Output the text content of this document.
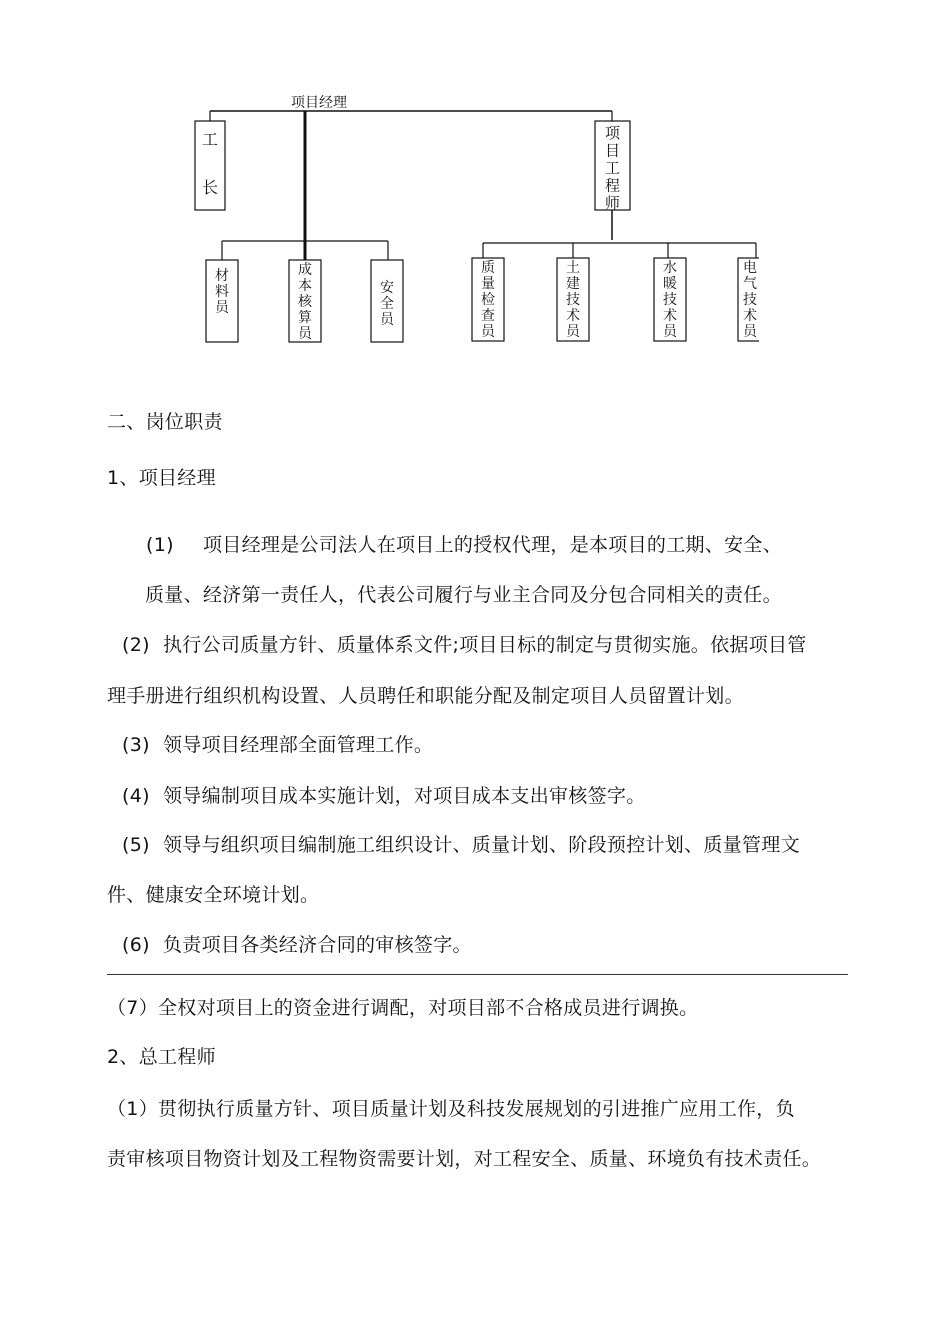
项目经理
工
长
项目工程师
材料员
成本核算员
安全员
质量检查员
土建技术员
水暖技术员
电气技术员
二、岗位职责
1、项目经理
(1) 项目经理是公司法人在项目上的授权代理，是本项目的工期、安全、
质量、经济第一责任人，代表公司履行与业主合同及分包合同相关的责任。
(2) 执行公司质量方针、质量体系文件;项目目标的制定与贯彻实施。依据项目管
理手册进行组织机构设置、人员聘任和职能分配及制定项目人员留置计划。
(3) 领导项目经理部全面管理工作。
(4) 领导编制项目成本实施计划，对项目成本支出审核签字。
(5) 领导与组织项目编制施工组织设计、质量计划、阶段预控计划、质量管理文
件、健康安全环境计划。
(6) 负责项目各类经济合同的审核签字。
（7）全权对项目上的资金进行调配，对项目部不合格成员进行调换。
2、总工程师
（1）贯彻执行质量方针、项目质量计划及科技发展规划的引进推广应用工作，负
责审核项目物资计划及工程物资需要计划，对工程安全、质量、环境负有技术责任。
